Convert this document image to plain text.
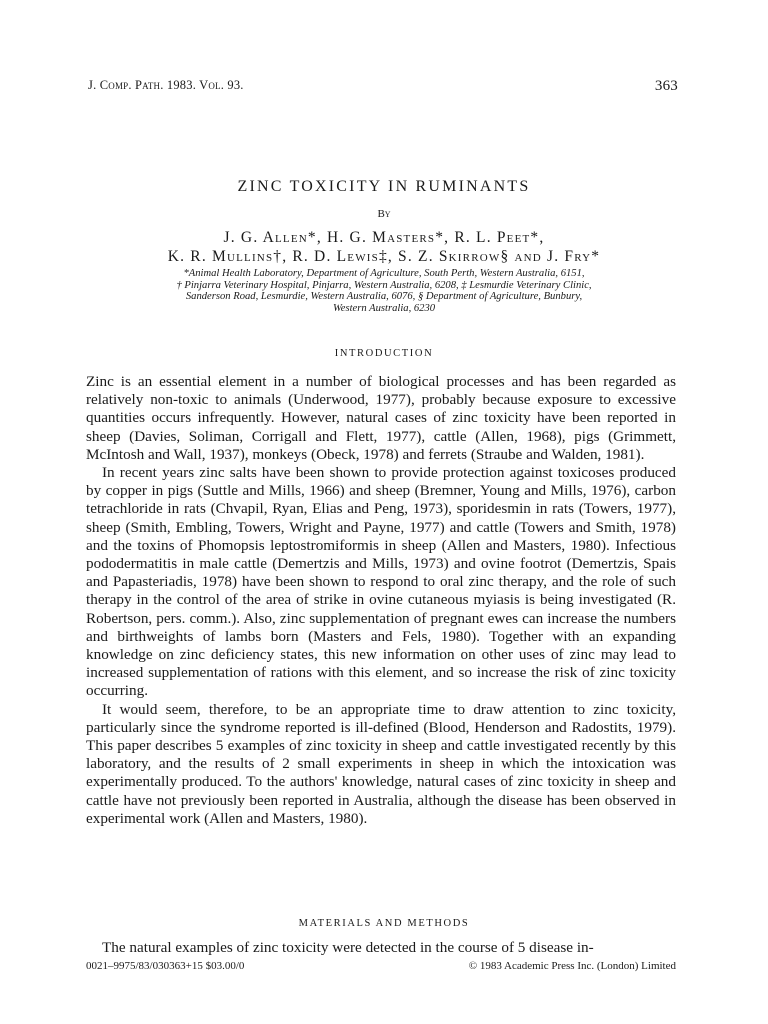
J. Comp. Path. 1983. Vol. 93.	363
ZINC TOXICITY IN RUMINANTS
By
J. G. Allen*, H. G. Masters*, R. L. Peet*,
K. R. Mullins†, R. D. Lewis‡, S. Z. Skirrow§ and J. Fry*
*Animal Health Laboratory, Department of Agriculture, South Perth, Western Australia, 6151,
† Pinjarra Veterinary Hospital, Pinjarra, Western Australia, 6208, ‡ Lesmurdie Veterinary Clinic,
Sanderson Road, Lesmurdie, Western Australia, 6076, § Department of Agriculture, Bunbury,
Western Australia, 6230
INTRODUCTION

Zinc is an essential element in a number of biological processes and has been regarded as relatively non-toxic to animals (Underwood, 1977), probably because exposure to excessive quantities occurs infrequently. However, natural cases of zinc toxicity have been reported in sheep (Davies, Soliman, Corrigall and Flett, 1977), cattle (Allen, 1968), pigs (Grimmett, McIntosh and Wall, 1937), monkeys (Obeck, 1978) and ferrets (Straube and Walden, 1981).

In recent years zinc salts have been shown to provide protection against toxicoses produced by copper in pigs (Suttle and Mills, 1966) and sheep (Bremner, Young and Mills, 1976), carbon tetrachloride in rats (Chvapil, Ryan, Elias and Peng, 1973), sporidesmin in rats (Towers, 1977), sheep (Smith, Embling, Towers, Wright and Payne, 1977) and cattle (Towers and Smith, 1978) and the toxins of Phomopsis leptostromiformis in sheep (Allen and Masters, 1980). Infectious pododermatitis in male cattle (Demertzis and Mills, 1973) and ovine footrot (Demertzis, Spais and Papasteriadis, 1978) have been shown to respond to oral zinc therapy, and the role of such therapy in the control of the area of strike in ovine cutaneous myiasis is being investigated (R. Robertson, pers. comm.). Also, zinc supplementation of pregnant ewes can increase the numbers and birthweights of lambs born (Masters and Fels, 1980). Together with an expanding knowledge on zinc deficiency states, this new information on other uses of zinc may lead to increased supplementation of rations with this element, and so increase the risk of zinc toxicity occurring.

It would seem, therefore, to be an appropriate time to draw attention to zinc toxicity, particularly since the syndrome reported is ill-defined (Blood, Henderson and Radostits, 1979). This paper describes 5 examples of zinc toxicity in sheep and cattle investigated recently by this laboratory, and the results of 2 small experiments in sheep in which the intoxication was experimentally produced. To the authors' knowledge, natural cases of zinc toxicity in sheep and cattle have not previously been reported in Australia, although the disease has been observed in experimental work (Allen and Masters, 1980).

MATERIALS AND METHODS

The natural examples of zinc toxicity were detected in the course of 5 disease in-

0021–9975/83/030363+15 $03.00/0	© 1983 Academic Press Inc. (London) Limited
